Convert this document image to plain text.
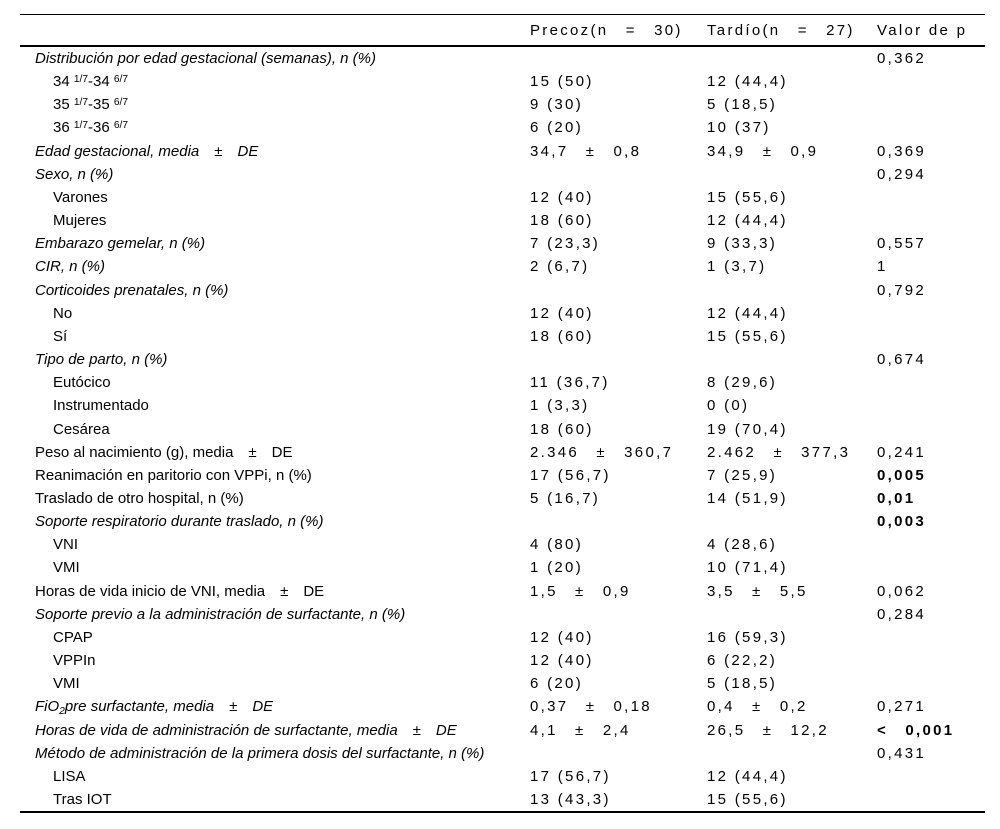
	Precoz(n = 30)	Tardío(n = 27)	Valor de p
Distribución por edad gestacional (semanas), n (%)			0,362
34 $^{1/7}$-34 $^{6/7}$	15 (50)	12 (44,4)	
35 $^{1/7}$-35 $^{6/7}$	9 (30)	5 (18,5)	
36 $^{1/7}$-36 $^{6/7}$	6 (20)	10 (37)	
Edad gestacional, media ± DE	34,7 ± 0,8	34,9 ± 0,9	0,369
Sexo, n (%)			0,294
Varones	12 (40)	15 (55,6)	
Mujeres	18 (60)	12 (44,4)	
Embarazo gemelar, n (%)	7 (23,3)	9 (33,3)	0,557
CIR, n (%)	2 (6,7)	1 (3,7)	1
Corticoides prenatales, n (%)			0,792
No	12 (40)	12 (44,4)	
Sí	18 (60)	15 (55,6)	
Tipo de parto, n (%)			0,674
Eutócico	11 (36,7)	8 (29,6)	
Instrumentado	1 (3,3)	0 (0)	
Cesárea	18 (60)	19 (70,4)	
Peso al nacimiento (g), media ± DE	2.346 ± 360,7	2.462 ± 377,3	0,241
Reanimación en paritorio con VPPi, n (%)	17 (56,7)	7 (25,9)	0,005
Traslado de otro hospital, n (%)	5 (16,7)	14 (51,9)	0,01
Soporte respiratorio durante traslado, n (%)			0,003
VNI	4 (80)	4 (28,6)	
VMI	1 (20)	10 (71,4)	
Horas de vida inicio de VNI, media ± DE	1,5 ± 0,9	3,5 ± 5,5	0,062
Soporte previo a la administración de surfactante, n (%)			0,284
CPAP	12 (40)	16 (59,3)	
VPPIn	12 (40)	6 (22,2)	
VMI	6 (20)	5 (18,5)	
FiO$_2$pre surfactante, media ± DE	0,37 ± 0,18	0,4 ± 0,2	0,271
Horas de vida de administración de surfactante, media ± DE	4,1 ± 2,4	26,5 ± 12,2	< 0,001
Método de administración de la primera dosis del surfactante, n (%)			0,431
LISA	17 (56,7)	12 (44,4)	
Tras IOT	13 (43,3)	15 (55,6)	
